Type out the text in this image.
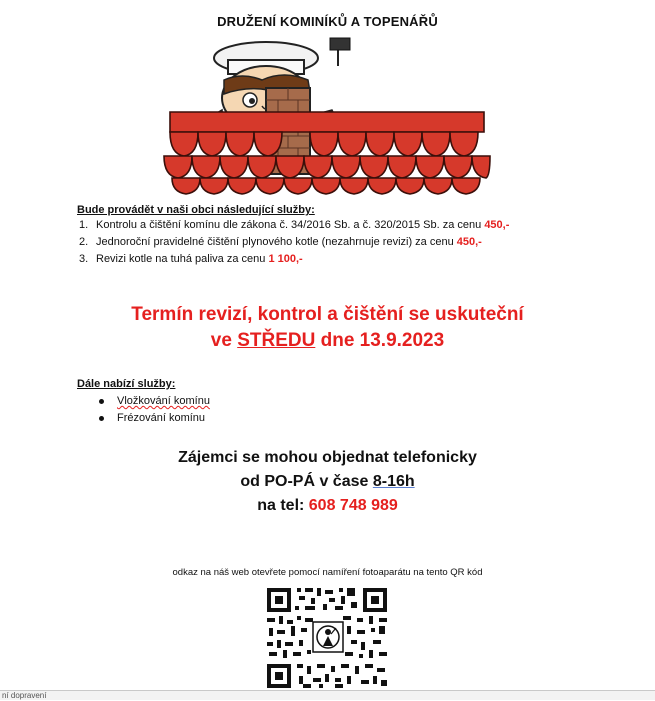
DRUŽENÍ KOMINÍKŮ A TOPENÁŘŮ
Bude provádět v naši obci následující služby:
1. Kontrolu a čištění komínu dle zákona č. 34/2016 Sb. a č. 320/2015 Sb. za cenu 450,-
2. Jednoroční pravidelné čištění plynového kotle (nezahrnuje revizi) za cenu 450,-
3. Revizi kotle na tuhá paliva za cenu 1 100,-
Termín revizí, kontrol a čištění se uskuteční
ve STŘEDU dne 13.9.2023
Dále nabízí služby:
Vložkování komínu
Frézování komínu
Zájemci se mohou objednat telefonicky
od PO-PÁ v čase 8-16h
na tel: 608 748 989
odkaz na náš web otevřete pomocí namíření fotoaparátu na tento QR kód
ní dopravení
